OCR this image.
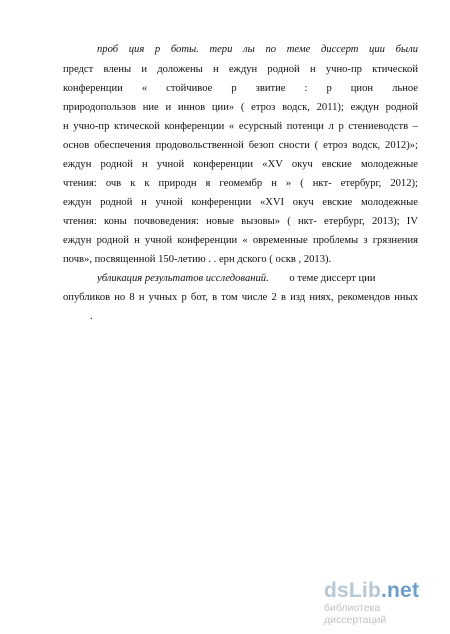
проб ция р боты. тери лы по теме диссерт ции были
предст влены и доложены н еждун родной н учно-пр ктической
конференции « стойчивое р звитие : р цион льное
природопользов ние и иннов ции» ( етроз водск, 2011); еждун родной
н учно-пр ктической конференции « есурсный потенци л р стениеводств –
основ обеспечения продовольственной безоп сности ( етроз водск, 2012)»;
еждун родной н учной конференции «XV окуч евские молодежные
чтения: очв к к природн я геомембр н » ( нкт- етербург, 2012);
еждун родной н учной конференции «XVI окуч евские молодежные
чтения: коны почвоведения: новые вызовы» ( нкт- етербург, 2013); IV
еждун родной н учной конференции « овременные проблемы з грязнения
почв», посвященной 150-летию . . ерн дского ( оскв , 2013).
убликация результатов исследований. о теме диссерт ции
опубликов но 8 н учных р бот, в том числе 2 в изд ниях, рекомендов нных
.
dsLib.net
библиотека диссертаций
